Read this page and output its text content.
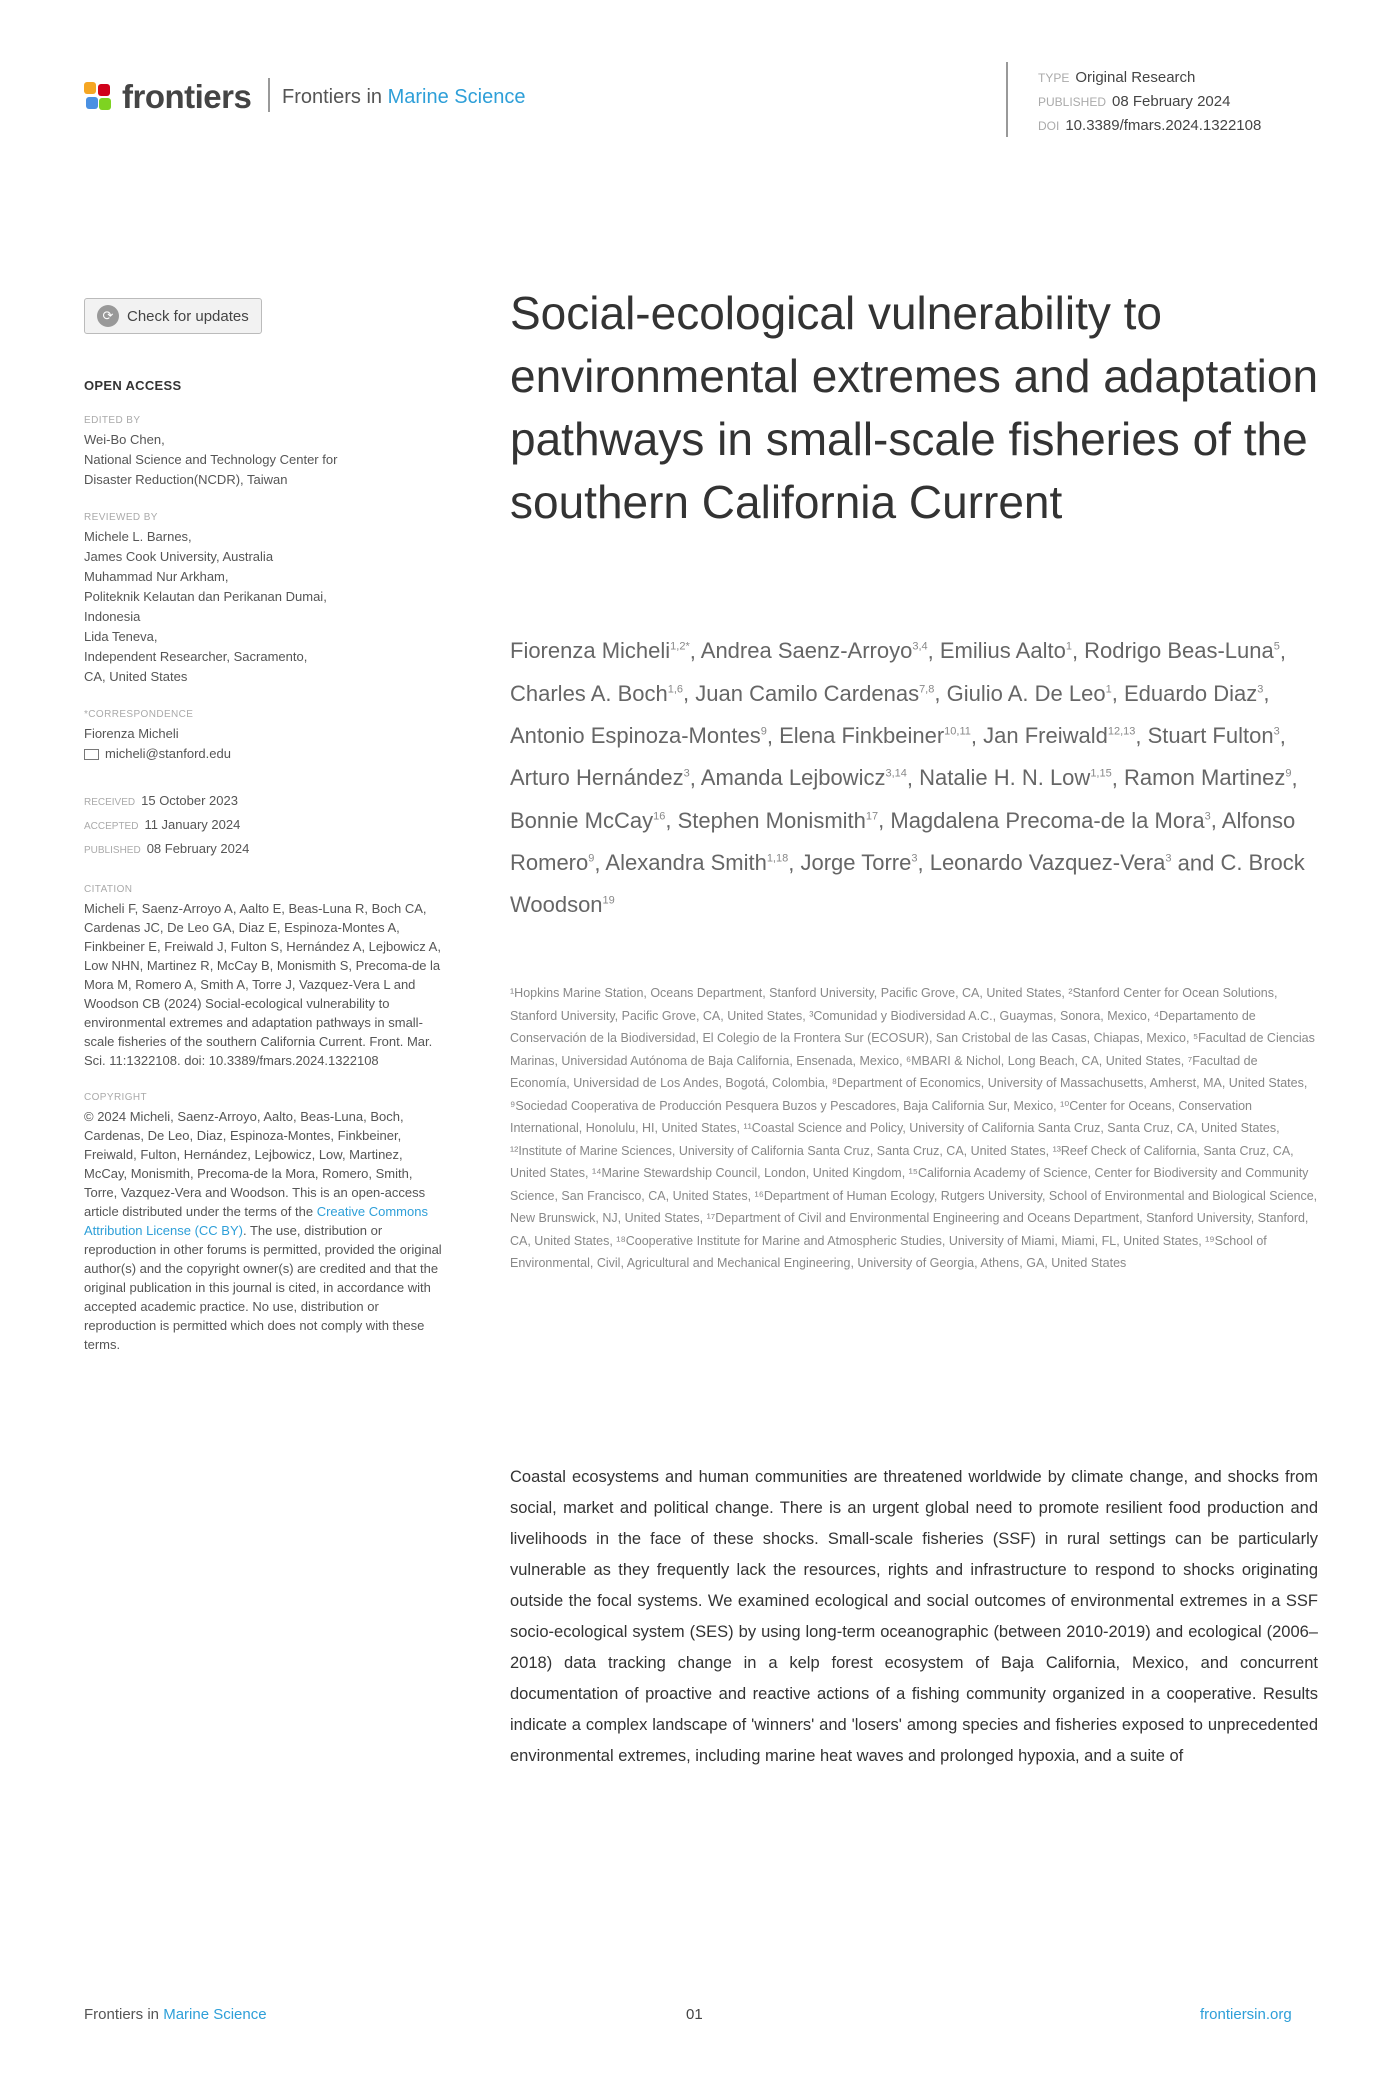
frontiers Frontiers in Marine Science
TYPE Original Research
PUBLISHED 08 February 2024
DOI 10.3389/fmars.2024.1322108
⟳ Check for updates
OPEN ACCESS
EDITED BY
Wei-Bo Chen,
National Science and Technology Center for
Disaster Reduction(NCDR), Taiwan
REVIEWED BY
Michele L. Barnes,
James Cook University, Australia
Muhammad Nur Arkham,
Politeknik Kelautan dan Perikanan Dumai,
Indonesia
Lida Teneva,
Independent Researcher, Sacramento,
CA, United States
*CORRESPONDENCE
Fiorenza Micheli
micheli@stanford.edu
RECEIVED 15 October 2023
ACCEPTED 11 January 2024
PUBLISHED 08 February 2024
CITATION
Micheli F, Saenz-Arroyo A, Aalto E, Beas-Luna R, Boch CA, Cardenas JC, De Leo GA, Diaz E, Espinoza-Montes A, Finkbeiner E, Freiwald J, Fulton S, Hernández A, Lejbowicz A, Low NHN, Martinez R, McCay B, Monismith S, Precoma-de la Mora M, Romero A, Smith A, Torre J, Vazquez-Vera L and Woodson CB (2024) Social-ecological vulnerability to environmental extremes and adaptation pathways in small-scale fisheries of the southern California Current. Front. Mar. Sci. 11:1322108. doi: 10.3389/fmars.2024.1322108
COPYRIGHT
© 2024 Micheli, Saenz-Arroyo, Aalto, Beas-Luna, Boch, Cardenas, De Leo, Diaz, Espinoza-Montes, Finkbeiner, Freiwald, Fulton, Hernández, Lejbowicz, Low, Martinez, McCay, Monismith, Precoma-de la Mora, Romero, Smith, Torre, Vazquez-Vera and Woodson. This is an open-access article distributed under the terms of the Creative Commons Attribution License (CC BY). The use, distribution or reproduction in other forums is permitted, provided the original author(s) and the copyright owner(s) are credited and that the original publication in this journal is cited, in accordance with accepted academic practice. No use, distribution or reproduction is permitted which does not comply with these terms.
Social-ecological vulnerability to environmental extremes and adaptation pathways in small-scale fisheries of the southern California Current
Fiorenza Micheli$^{1,2*}$, Andrea Saenz-Arroyo$^{3,4}$, Emilius Aalto$^1$, Rodrigo Beas-Luna$^5$, Charles A. Boch$^{1,6}$, Juan Camilo Cardenas$^{7,8}$, Giulio A. De Leo$^1$, Eduardo Diaz$^3$, Antonio Espinoza-Montes$^9$, Elena Finkbeiner$^{10,11}$, Jan Freiwald$^{12,13}$, Stuart Fulton$^3$, Arturo Hernández$^3$, Amanda Lejbowicz$^{3,14}$, Natalie H. N. Low$^{1,15}$, Ramon Martinez$^9$, Bonnie McCay$^{16}$, Stephen Monismith$^{17}$, Magdalena Precoma-de la Mora$^3$, Alfonso Romero$^9$, Alexandra Smith$^{1,18}$, Jorge Torre$^3$, Leonardo Vazquez-Vera$^3$ and C. Brock Woodson$^{19}$
¹Hopkins Marine Station, Oceans Department, Stanford University, Pacific Grove, CA, United States, ²Stanford Center for Ocean Solutions, Stanford University, Pacific Grove, CA, United States, ³Comunidad y Biodiversidad A.C., Guaymas, Sonora, Mexico, ⁴Departamento de Conservación de la Biodiversidad, El Colegio de la Frontera Sur (ECOSUR), San Cristobal de las Casas, Chiapas, Mexico, ⁵Facultad de Ciencias Marinas, Universidad Autónoma de Baja California, Ensenada, Mexico, ⁶MBARI & Nichol, Long Beach, CA, United States, ⁷Facultad de Economía, Universidad de Los Andes, Bogotá, Colombia, ⁸Department of Economics, University of Massachusetts, Amherst, MA, United States, ⁹Sociedad Cooperativa de Producción Pesquera Buzos y Pescadores, Baja California Sur, Mexico, ¹⁰Center for Oceans, Conservation International, Honolulu, HI, United States, ¹¹Coastal Science and Policy, University of California Santa Cruz, Santa Cruz, CA, United States, ¹²Institute of Marine Sciences, University of California Santa Cruz, Santa Cruz, CA, United States, ¹³Reef Check of California, Santa Cruz, CA, United States, ¹⁴Marine Stewardship Council, London, United Kingdom, ¹⁵California Academy of Science, Center for Biodiversity and Community Science, San Francisco, CA, United States, ¹⁶Department of Human Ecology, Rutgers University, School of Environmental and Biological Science, New Brunswick, NJ, United States, ¹⁷Department of Civil and Environmental Engineering and Oceans Department, Stanford University, Stanford, CA, United States, ¹⁸Cooperative Institute for Marine and Atmospheric Studies, University of Miami, Miami, FL, United States, ¹⁹School of Environmental, Civil, Agricultural and Mechanical Engineering, University of Georgia, Athens, GA, United States
Coastal ecosystems and human communities are threatened worldwide by climate change, and shocks from social, market and political change. There is an urgent global need to promote resilient food production and livelihoods in the face of these shocks. Small-scale fisheries (SSF) in rural settings can be particularly vulnerable as they frequently lack the resources, rights and infrastructure to respond to shocks originating outside the focal systems. We examined ecological and social outcomes of environmental extremes in a SSF socio-ecological system (SES) by using long-term oceanographic (between 2010-2019) and ecological (2006–2018) data tracking change in a kelp forest ecosystem of Baja California, Mexico, and concurrent documentation of proactive and reactive actions of a fishing community organized in a cooperative. Results indicate a complex landscape of 'winners' and 'losers' among species and fisheries exposed to unprecedented environmental extremes, including marine heat waves and prolonged hypoxia, and a suite of
Frontiers in Marine Science	01	frontiersin.org
